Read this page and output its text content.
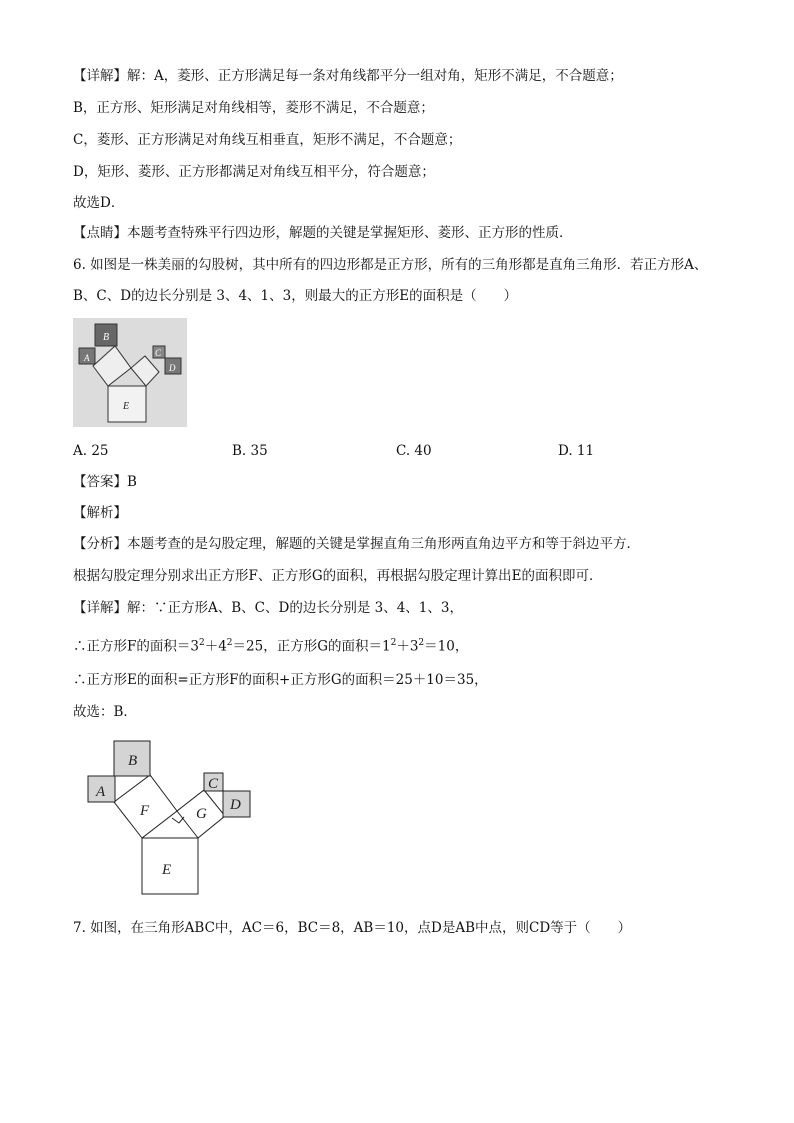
【详解】解：A，菱形、正方形满足每一条对角线都平分一组对角，矩形不满足，不合题意；
B，正方形、矩形满足对角线相等，菱形不满足，不合题意；
C，菱形、正方形满足对角线互相垂直，矩形不满足，不合题意；
D，矩形、菱形、正方形都满足对角线互相平分，符合题意；
故选D．
【点睛】本题考查特殊平行四边形，解题的关键是掌握矩形、菱形、正方形的性质．
6. 如图是一株美丽的勾股树，其中所有的四边形都是正方形，所有的三角形都是直角三角形．若正方形A、
B、C、D的边长分别是 3、4、1、3，则最大的正方形E的面积是（　　）
A
B
C
D
E
A. 25	B. 35	C. 40	D. 11
【答案】B
【解析】
【分析】本题考查的是勾股定理，解题的关键是掌握直角三角形两直角边平方和等于斜边平方．
根据勾股定理分别求出正方形F、正方形G的面积，再根据勾股定理计算出E的面积即可．
【详解】解：∵正方形A、B、C、D的边长分别是 3、4、1、3，
∴正方形F的面积$=3^2+4^2=25$，正方形G的面积$=1^2+3^2=10$，
∴正方形E的面积=正方形F的面积+正方形G的面积＝25＋10＝35，
故选：B．
A
B
C
D
F	G
E
7. 如图，在三角形ABC中，AC＝6，BC＝8，AB＝10，点D是AB中点，则CD等于（　　）
